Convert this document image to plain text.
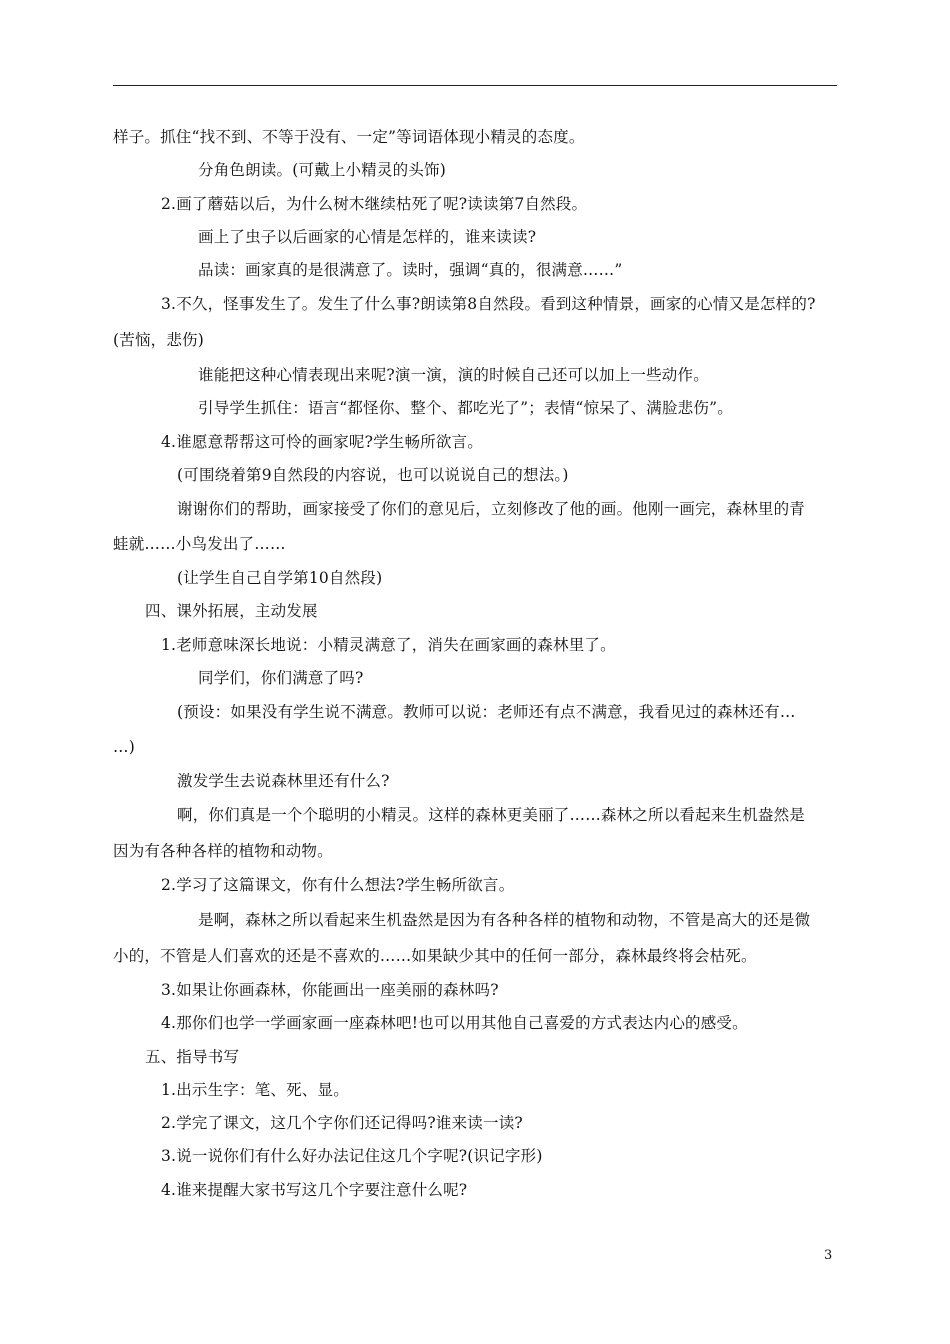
样子。抓住“找不到、不等于没有、一定”等词语体现小精灵的态度。
分角色朗读。(可戴上小精灵的头饰)
2.画了蘑菇以后，为什么树木继续枯死了呢?读读第7自然段。
画上了虫子以后画家的心情是怎样的，谁来读读?
品读：画家真的是很满意了。读时，强调“真的，很满意……”
3.不久，怪事发生了。发生了什么事?朗读第8自然段。看到这种情景，画家的心情又是怎样的?
(苦恼，悲伤)
谁能把这种心情表现出来呢?演一演，演的时候自己还可以加上一些动作。
引导学生抓住：语言“都怪你、整个、都吃光了”；表情“惊呆了、满脸悲伤”。
4.谁愿意帮帮这可怜的画家呢?学生畅所欲言。
(可围绕着第9自然段的内容说，也可以说说自己的想法。)
谢谢你们的帮助，画家接受了你们的意见后，立刻修改了他的画。他刚一画完，森林里的青
蛙就……小鸟发出了……
(让学生自己自学第10自然段)
四、课外拓展，主动发展
1.老师意味深长地说：小精灵满意了，消失在画家画的森林里了。
同学们，你们满意了吗?
(预设：如果没有学生说不满意。教师可以说：老师还有点不满意，我看见过的森林还有…
…)
激发学生去说森林里还有什么?
啊，你们真是一个个聪明的小精灵。这样的森林更美丽了……森林之所以看起来生机盎然是
因为有各种各样的植物和动物。
2.学习了这篇课文，你有什么想法?学生畅所欲言。
是啊，森林之所以看起来生机盎然是因为有各种各样的植物和动物，不管是高大的还是微
小的，不管是人们喜欢的还是不喜欢的……如果缺少其中的任何一部分，森林最终将会枯死。
3.如果让你画森林，你能画出一座美丽的森林吗?
4.那你们也学一学画家画一座森林吧!也可以用其他自己喜爱的方式表达内心的感受。
五、指导书写
1.出示生字：笔、死、显。
2.学完了课文，这几个字你们还记得吗?谁来读一读?
3.说一说你们有什么好办法记住这几个字呢?(识记字形)
4.谁来提醒大家书写这几个字要注意什么呢?
3
